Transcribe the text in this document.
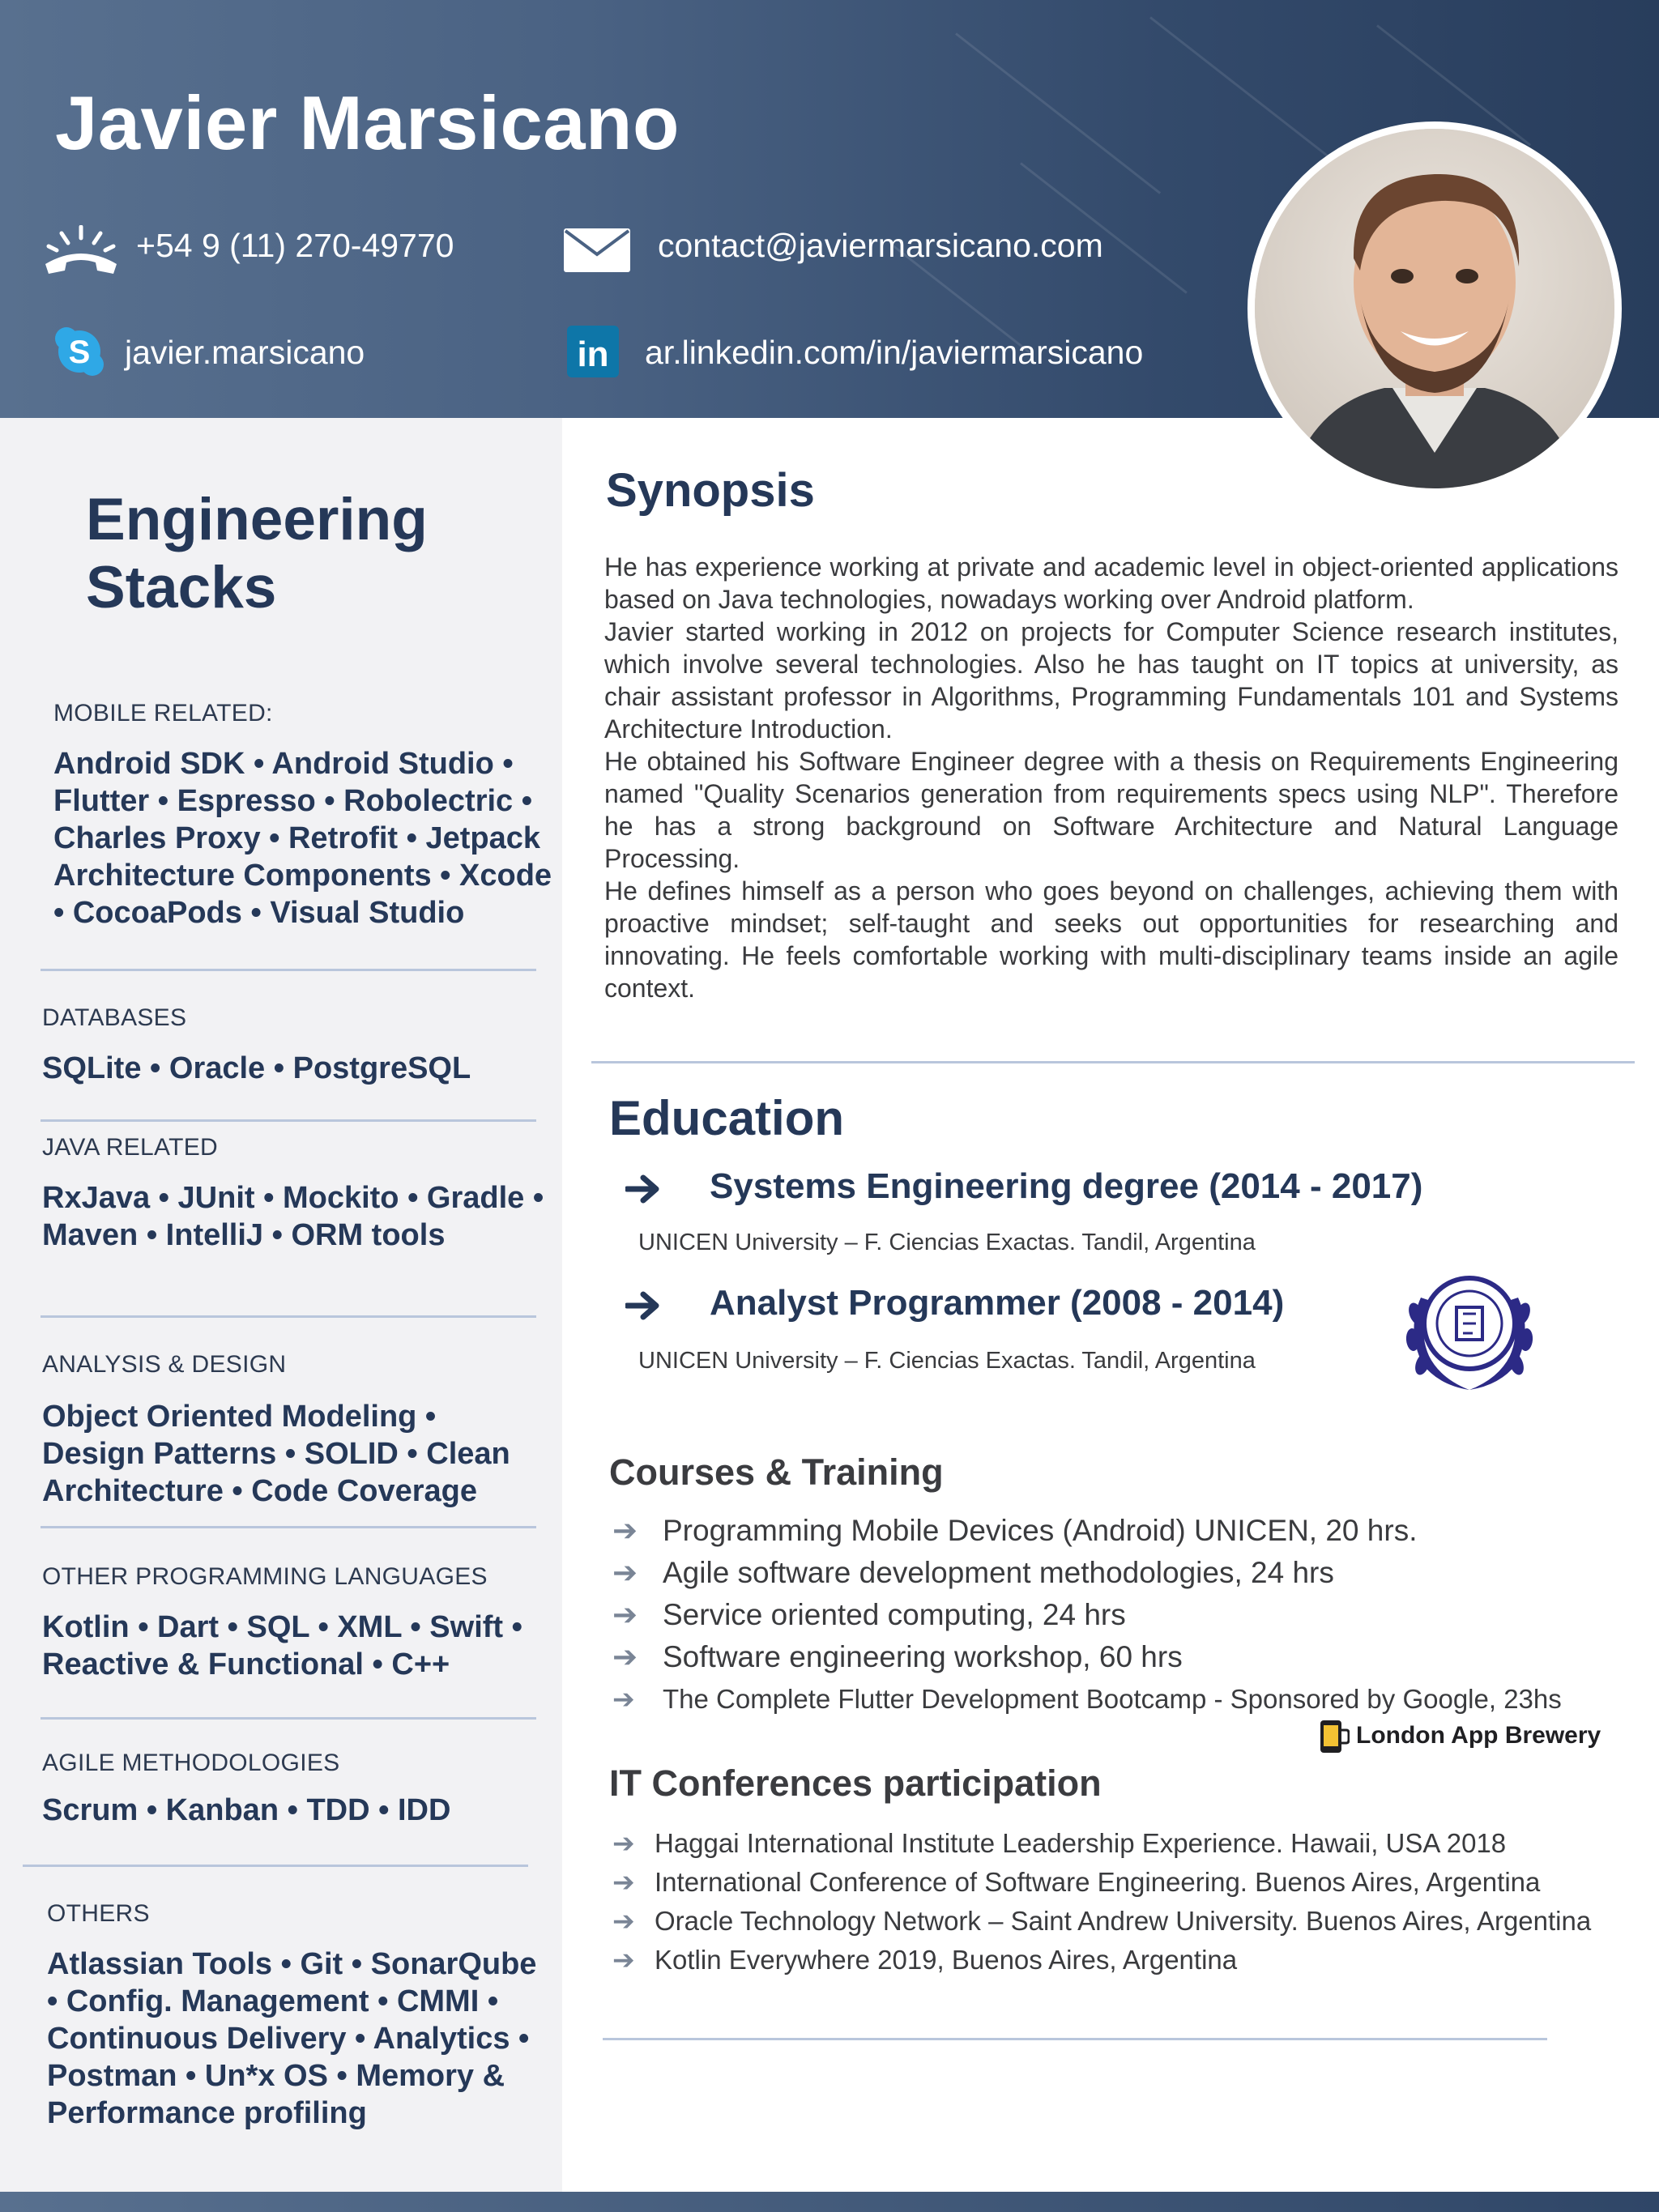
Javier Marsicano
+54 9 (11) 270-49770	contact@javiermarsicano.com
S javier.marsicano	in ar.linkedin.com/in/javiermarsicano
Engineering
Stacks
MOBILE RELATED:
Android SDK • Android Studio • Flutter • Espresso • Robolectric • Charles Proxy • Retrofit • Jetpack Architecture Components • Xcode • CocoaPods • Visual Studio
DATABASES
SQLite • Oracle • PostgreSQL
JAVA RELATED
RxJava • JUnit • Mockito • Gradle • Maven • IntelliJ • ORM tools
ANALYSIS & DESIGN
Object Oriented Modeling • Design Patterns • SOLID • Clean Architecture • Code Coverage
OTHER PROGRAMMING LANGUAGES
Kotlin • Dart • SQL • XML • Swift • Reactive & Functional • C++
AGILE METHODOLOGIES
Scrum • Kanban • TDD • IDD
OTHERS
Atlassian Tools • Git • SonarQube • Config. Management • CMMI • Continuous Delivery • Analytics • Postman • Un*x OS • Memory & Performance profiling
Synopsis

He has experience working at private and academic level in object-oriented applications based on Java technologies, nowadays working over Android platform.

Javier started working in 2012 on projects for Computer Science research institutes, which involve several technologies. Also he has taught on IT topics at university, as chair assistant professor in Algorithms, Programming Fundamentals 101 and Systems Architecture Introduction.

He obtained his Software Engineer degree with a thesis on Requirements Engineering named "Quality Scenarios generation from requirements specs using NLP". Therefore he has a strong background on Software Architecture and Natural Language Processing.

He defines himself as a person who goes beyond on challenges, achieving them with proactive mindset; self-taught and seeks out opportunities for researching and innovating. He feels comfortable working with multi-disciplinary teams inside an agile context.

Education
Systems Engineering degree (2014 - 2017)
UNICEN University – F. Ciencias Exactas. Tandil, Argentina
Analyst Programmer (2008 - 2014)
UNICEN University – F. Ciencias Exactas. Tandil, Argentina
Courses & Training
➔ Programming Mobile Devices (Android) UNICEN, 20 hrs.
➔ Agile software development methodologies, 24 hrs
➔ Service oriented computing, 24 hrs
➔ Software engineering workshop, 60 hrs
➔ The Complete Flutter Development Bootcamp - Sponsored by Google, 23hs
London App Brewery
IT Conferences participation
➔ Haggai International Institute Leadership Experience. Hawaii, USA 2018
➔ International Conference of Software Engineering. Buenos Aires, Argentina
➔ Oracle Technology Network – Saint Andrew University. Buenos Aires, Argentina
➔ Kotlin Everywhere 2019, Buenos Aires, Argentina
